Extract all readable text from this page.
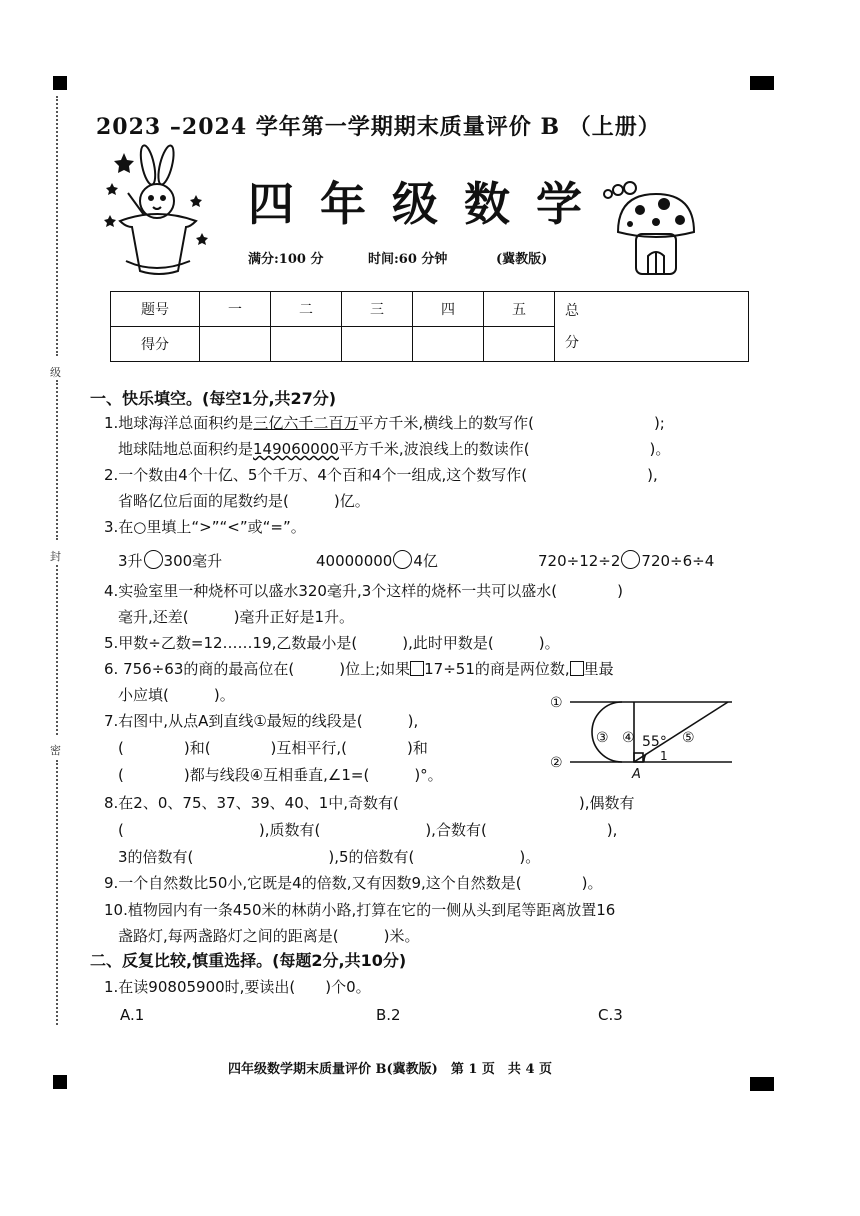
级
封
密
2023 –2024 学年第一学期期末质量评价 B （上册）
四年级数学
满分:100 分	时间:60 分钟	(冀教版)
题号	一	二	三	四	五	总
分
得分						
一、快乐填空。(每空1分,共27分)
1.地球海洋总面积约是三亿六千二百万平方千米,横线上的数写作(　　　　　　　　);
地球陆地总面积约是149060000平方千米,波浪线上的数读作(　　　　　　　　)。
2.一个数由4个十亿、5个千万、4个百和4个一组成,这个数写作(　　　　　　　　),
省略亿位后面的尾数约是(　　　)亿。
3.在○里填上“>”“<”或“=”。
3升 300毫升	40000000 4亿	720÷12÷2 720÷6÷4
4.实验室里一种烧杯可以盛水320毫升,3个这样的烧杯一共可以盛水(　　　　)
毫升,还差(　　　)毫升正好是1升。
5.甲数÷乙数=12……19,乙数最小是(　　　),此时甲数是(　　　)。
6. 756÷63的商的最高位在(　　　)位上;如果 17÷51的商是两位数, 里最
小应填(　　　)。
7.右图中,从点A到直线①最短的线段是(　　　),
(　　　　)和(　　　　)互相平行,(　　　　)和
(　　　　)都与线段④互相垂直,∠1=(　　　)°。
①
②
③ ④	⑤
55°
1
A
8.在2、0、75、37、39、40、1中,奇数有(　　　　　　　　　　　　),偶数有
(　　　　　　　　　),质数有(　　　　　　　),合数有(　　　　　　　　),
3的倍数有(　　　　　　　　　),5的倍数有(　　　　　　　)。
9.一个自然数比50小,它既是4的倍数,又有因数9,这个自然数是(　　　　)。
10.植物园内有一条450米的林荫小路,打算在它的一侧从头到尾等距离放置16
盏路灯,每两盏路灯之间的距离是(　　　)米。
二、反复比较,慎重选择。(每题2分,共10分)
1.在读90805900时,要读出(　　)个0。
A.1	B.2	C.3
四年级数学期末质量评价 B(冀教版)　第 1 页　共 4 页
